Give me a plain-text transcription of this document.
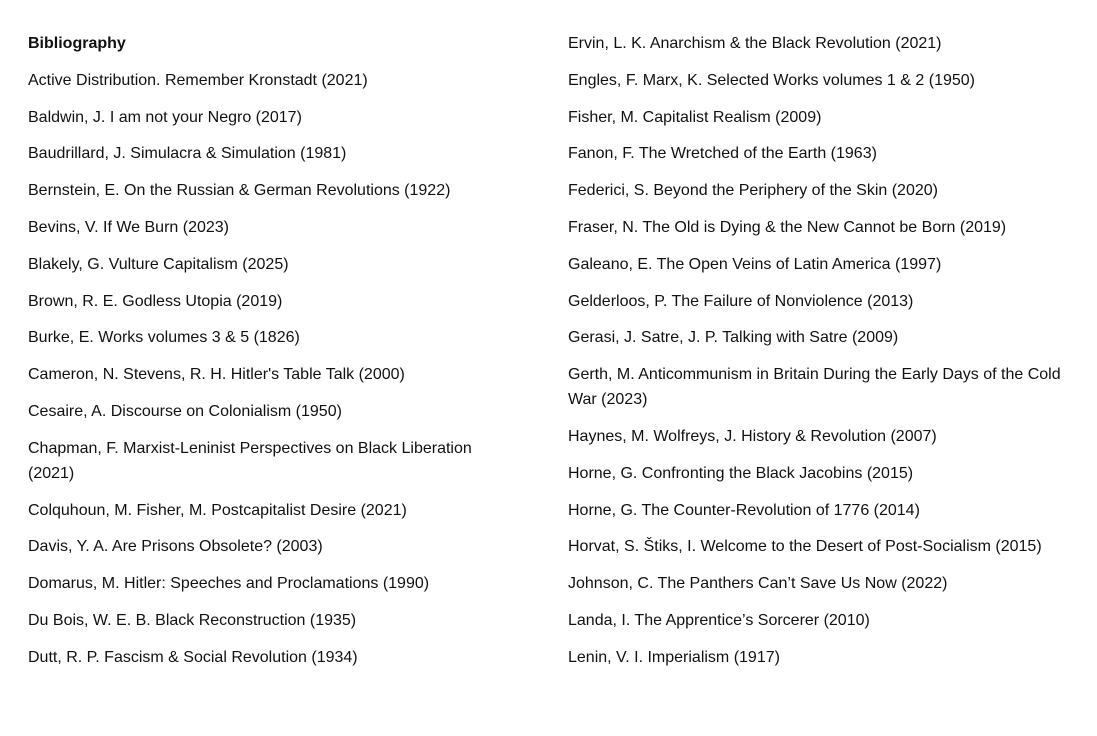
Bibliography
Active Distribution. Remember Kronstadt (2021)
Baldwin, J. I am not your Negro (2017)
Baudrillard, J. Simulacra & Simulation (1981)
Bernstein, E. On the Russian & German Revolutions (1922)
Bevins, V. If We Burn (2023)
Blakely, G. Vulture Capitalism (2025)
Brown, R. E. Godless Utopia (2019)
Burke, E. Works volumes 3 & 5 (1826)
Cameron, N. Stevens, R. H. Hitler's Table Talk (2000)
Cesaire, A. Discourse on Colonialism (1950)
Chapman, F. Marxist-Leninist Perspectives on Black Liberation (2021)
Colquhoun, M. Fisher, M. Postcapitalist Desire (2021)
Davis, Y. A. Are Prisons Obsolete? (2003)
Domarus, M. Hitler: Speeches and Proclamations (1990)
Du Bois, W. E. B. Black Reconstruction (1935)
Dutt, R. P. Fascism & Social Revolution (1934)
Ervin, L. K. Anarchism & the Black Revolution (2021)
Engles, F. Marx, K. Selected Works volumes 1 & 2 (1950)
Fisher, M. Capitalist Realism (2009)
Fanon, F. The Wretched of the Earth (1963)
Federici, S. Beyond the Periphery of the Skin (2020)
Fraser, N. The Old is Dying & the New Cannot be Born (2019)
Galeano, E. The Open Veins of Latin America (1997)
Gelderloos, P. The Failure of Nonviolence (2013)
Gerasi, J. Satre, J. P. Talking with Satre (2009)
Gerth, M. Anticommunism in Britain During the Early Days of the Cold War (2023)
Haynes, M. Wolfreys, J. History & Revolution (2007)
Horne, G. Confronting the Black Jacobins (2015)
Horne, G. The Counter-Revolution of 1776 (2014)
Horvat, S. Štiks, I. Welcome to the Desert of Post-Socialism (2015)
Johnson, C. The Panthers Can’t Save Us Now (2022)
Landa, I. The Apprentice’s Sorcerer (2010)
Lenin, V. I. Imperialism (1917)
